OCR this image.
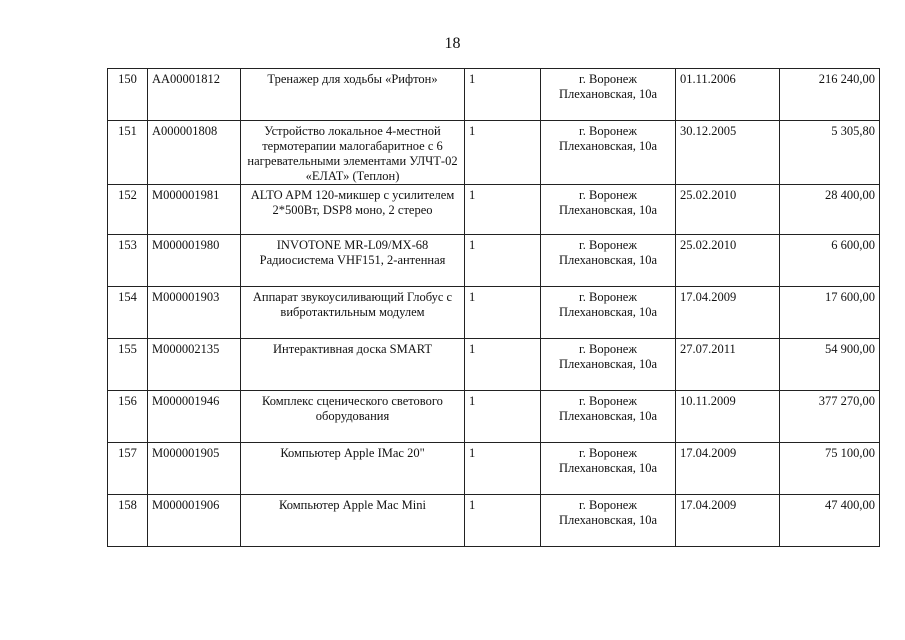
18
150	АА00001812	Тренажер для ходьбы «Рифтон»	1	г. Воронеж
Плехановская, 10а	01.11.2006	216 240,00
151	А000001808	Устройство локальное 4-местной термотерапии малогабаритное с 6 нагревательными элементами УЛЧТ-02 «ЕЛАТ» (Теплон)	1	г. Воронеж
Плехановская, 10а	30.12.2005	5 305,80
152	М000001981	ALTO APM 120-микшер с усилителем 2*500Вт, DSP8 моно, 2 стерео	1	г. Воронеж
Плехановская, 10а	25.02.2010	28 400,00
153	М000001980	INVOTONE MR-L09/MX-68 Радиосистема VHF151, 2-антенная	1	г. Воронеж
Плехановская, 10а	25.02.2010	6 600,00
154	М000001903	Аппарат звукоусиливающий Глобус с вибротактильным модулем	1	г. Воронеж
Плехановская, 10а	17.04.2009	17 600,00
155	М000002135	Интерактивная доска SMART	1	г. Воронеж
Плехановская, 10а	27.07.2011	54 900,00
156	М000001946	Комплекс сценического светового оборудования	1	г. Воронеж
Плехановская, 10а	10.11.2009	377 270,00
157	М000001905	Компьютер Apple IMac 20"	1	г. Воронеж
Плехановская, 10а	17.04.2009	75 100,00
158	М000001906	Компьютер Apple Mac Mini	1	г. Воронеж
Плехановская, 10а	17.04.2009	47 400,00
